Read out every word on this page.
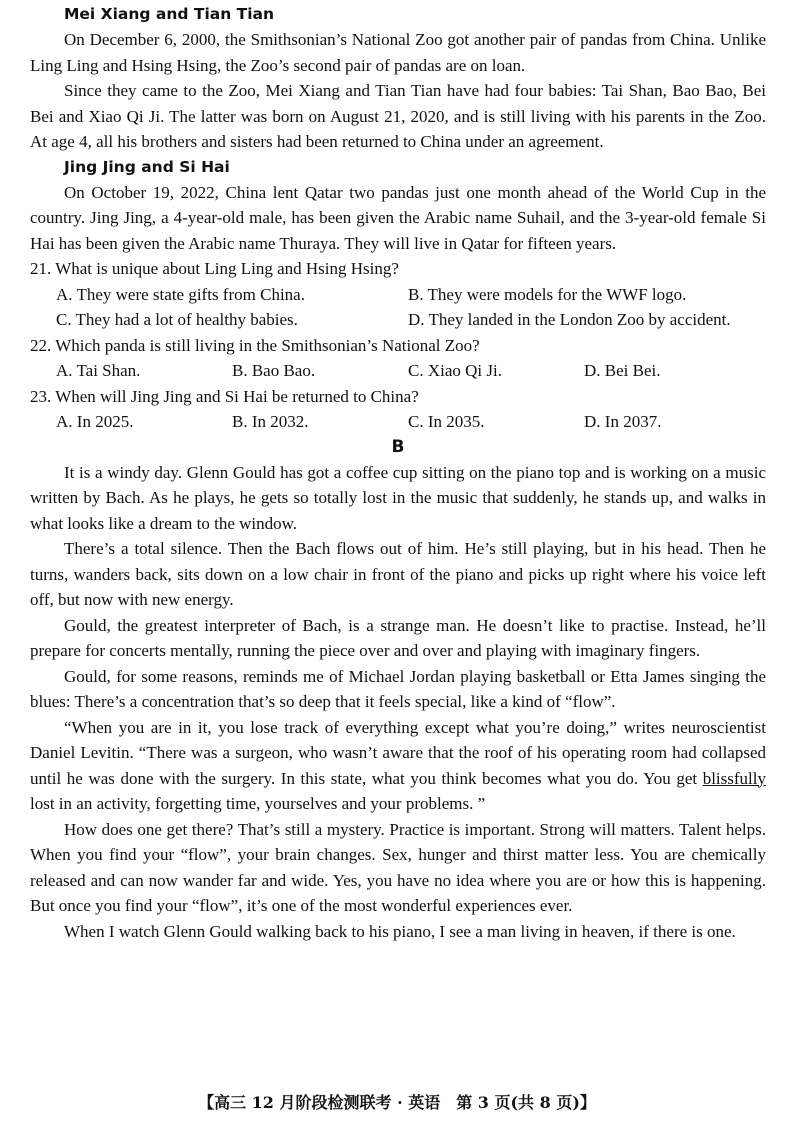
Mei Xiang and Tian Tian

On December 6, 2000, the Smithsonian’s National Zoo got another pair of pandas from China. Unlike Ling Ling and Hsing Hsing, the Zoo’s second pair of pandas are on loan.

Since they came to the Zoo, Mei Xiang and Tian Tian have had four babies: Tai Shan, Bao Bao, Bei Bei and Xiao Qi Ji. The latter was born on August 21, 2020, and is still living with his parents in the Zoo. At age 4, all his brothers and sisters had been returned to China under an agreement.

Jing Jing and Si Hai

On October 19, 2022, China lent Qatar two pandas just one month ahead of the World Cup in the country. Jing Jing, a 4-year-old male, has been given the Arabic name Suhail, and the 3-year-old female Si Hai has been given the Arabic name Thuraya. They will live in Qatar for fifteen years.

21. What is unique about Ling Ling and Hsing Hsing?
A. They were state gifts from China.	B. They were models for the WWF logo.
C. They had a lot of healthy babies.	D. They landed in the London Zoo by accident.
22. Which panda is still living in the Smithsonian’s National Zoo?
A. Tai Shan.	B. Bao Bao.	C. Xiao Qi Ji.	D. Bei Bei.
23. When will Jing Jing and Si Hai be returned to China?
A. In 2025.	B. In 2032.	C. In 2035.	D. In 2037.
B

It is a windy day. Glenn Gould has got a coffee cup sitting on the piano top and is working on a music written by Bach. As he plays, he gets so totally lost in the music that suddenly, he stands up, and walks in what looks like a dream to the window.

There’s a total silence. Then the Bach flows out of him. He’s still playing, but in his head. Then he turns, wanders back, sits down on a low chair in front of the piano and picks up right where his voice left off, but now with new energy.

Gould, the greatest interpreter of Bach, is a strange man. He doesn’t like to practise. Instead, he’ll prepare for concerts mentally, running the piece over and over and playing with imaginary fingers.

Gould, for some reasons, reminds me of Michael Jordan playing basketball or Etta James singing the blues: There’s a concentration that’s so deep that it feels special, like a kind of “flow”.

“When you are in it, you lose track of everything except what you’re doing,” writes neuroscientist Daniel Levitin. “There was a surgeon, who wasn’t aware that the roof of his operating room had collapsed until he was done with the surgery. In this state, what you think becomes what you do. You get blissfully lost in an activity, forgetting time, yourselves and your problems. ”

How does one get there? That’s still a mystery. Practice is important. Strong will matters. Talent helps. When you find your “flow”, your brain changes. Sex, hunger and thirst matter less. You are chemically released and can now wander far and wide. Yes, you have no idea where you are or how this is happening. But once you find your “flow”, it’s one of the most wonderful experiences ever.

When I watch Glenn Gould walking back to his piano, I see a man living in heaven, if there is one.

【高三 12 月阶段检测联考 · 英语　第 3 页(共 8 页)】
